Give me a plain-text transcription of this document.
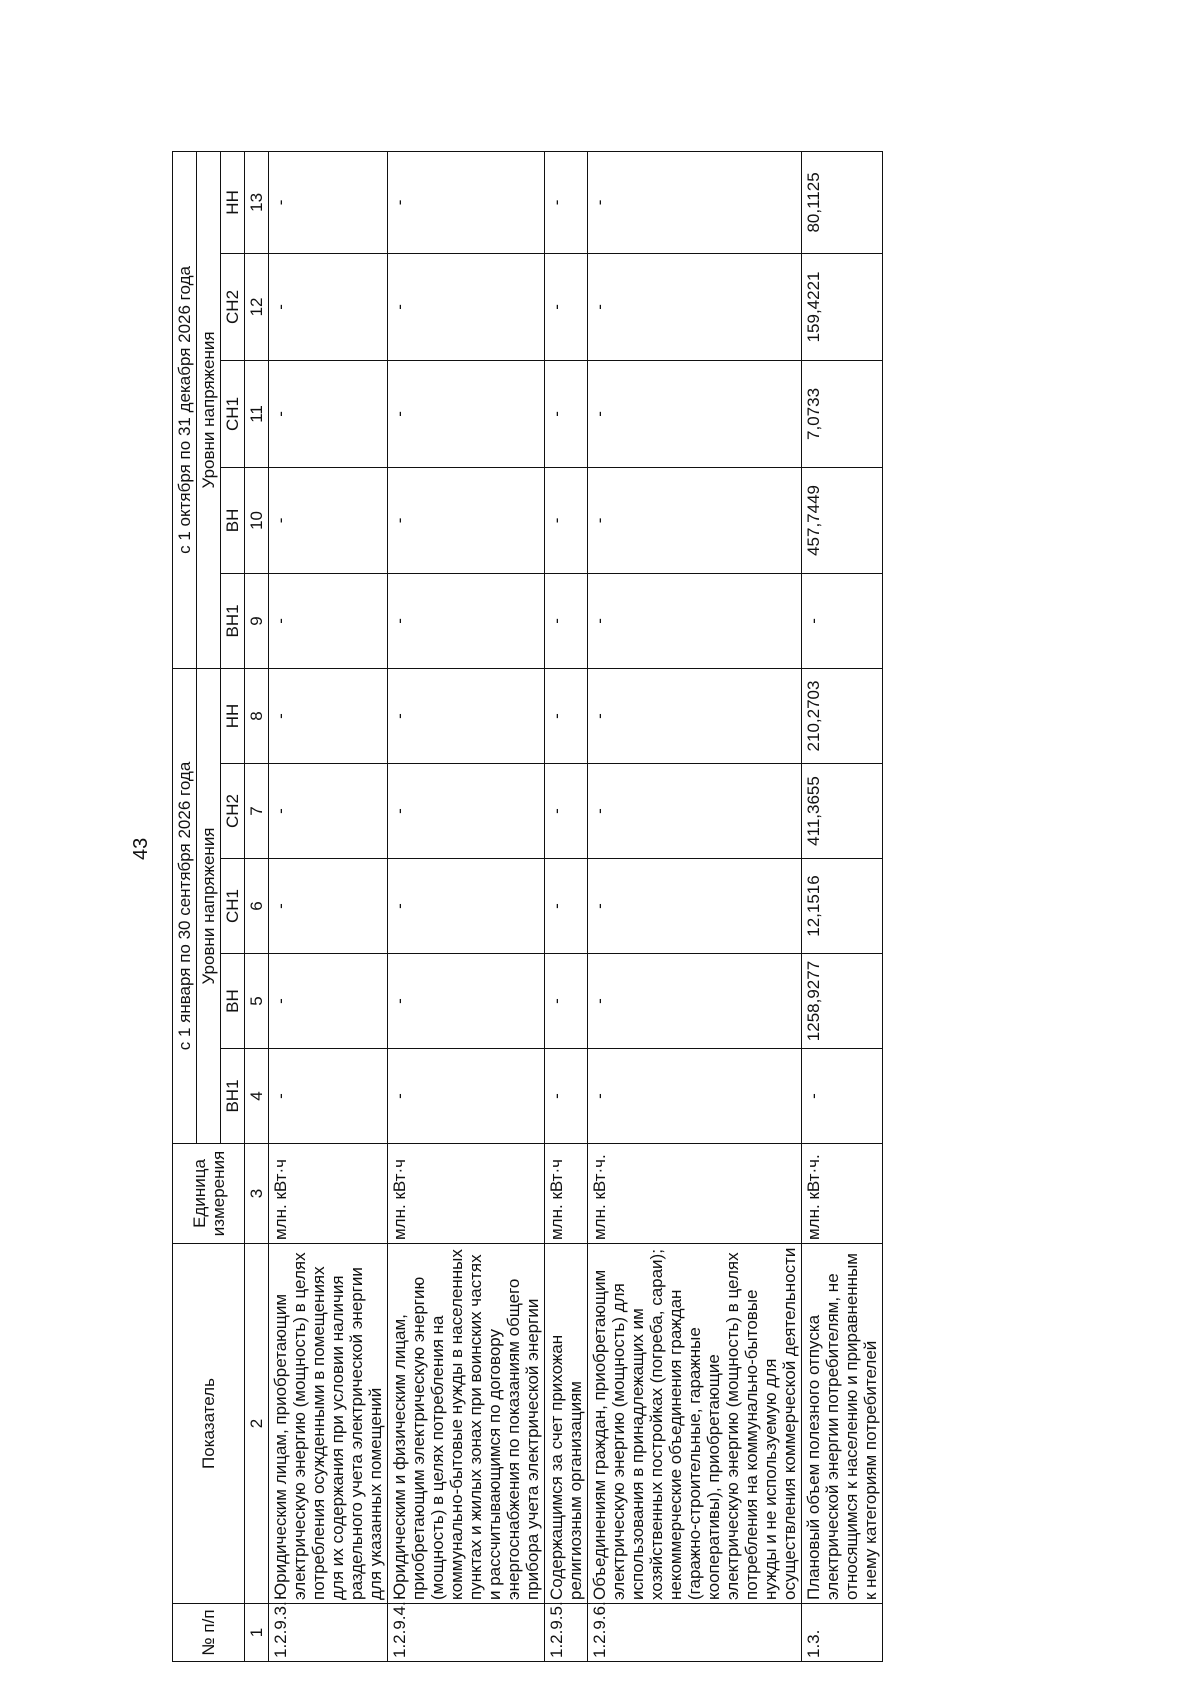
43
№ п/п	Показатель	Единица измерения	с 1 января по 30 сентября 2026 года					с 1 октября по 31 декабря 2026 года				
			Уровни напряжения					Уровни напряжения				
			ВН1	ВН	СН1	СН2	НН	ВН1	ВН	СН1	СН2	НН
1	2	3	4	5	6	7	8	9	10	11	12	13
1.2.9.3.	Юридическим лицам, приобретающим электрическую энергию (мощность) в целях потребления осужденными в помещениях для их содержания при условии наличия раздельного учета электрической энергии для указанных помещений	млн. кВт·ч	-	-	-	-	-	-	-	-	-	-
1.2.9.4.	Юридическим и физическим лицам, приобретающим электрическую энергию (мощность) в целях потребления на коммунально-бытовые нужды в населенных пунктах и жилых зонах при воинских частях и рассчитывающимся по договору энергоснабжения по показаниям общего прибора учета электрической энергии	млн. кВт·ч	-	-	-	-	-	-	-	-	-	-
1.2.9.5.	Содержащимся за счет прихожан религиозным организациям	млн. кВт·ч	-	-	-	-	-	-	-	-	-	-
1.2.9.6.	Объединениям граждан, приобретающим электрическую энергию (мощность) для использования в принадлежащих им хозяйственных постройках (погреба, сараи); некоммерческие объединения граждан (гаражно-строительные, гаражные кооперативы), приобретающие электрическую энергию (мощность) в целях потребления на коммунально-бытовые нужды и не используемую для осуществления коммерческой деятельности	млн. кВт·ч.	-	-	-	-	-	-	-	-	-	-
1.3.	Плановый объем полезного отпуска электрической энергии потребителям, не относящимся к населению и приравненным к нему категориям потребителей	млн. кВт·ч.	-	1258,9277	12,1516	411,3655	210,2703	-	457,7449	7,0733	159,4221	80,1125
